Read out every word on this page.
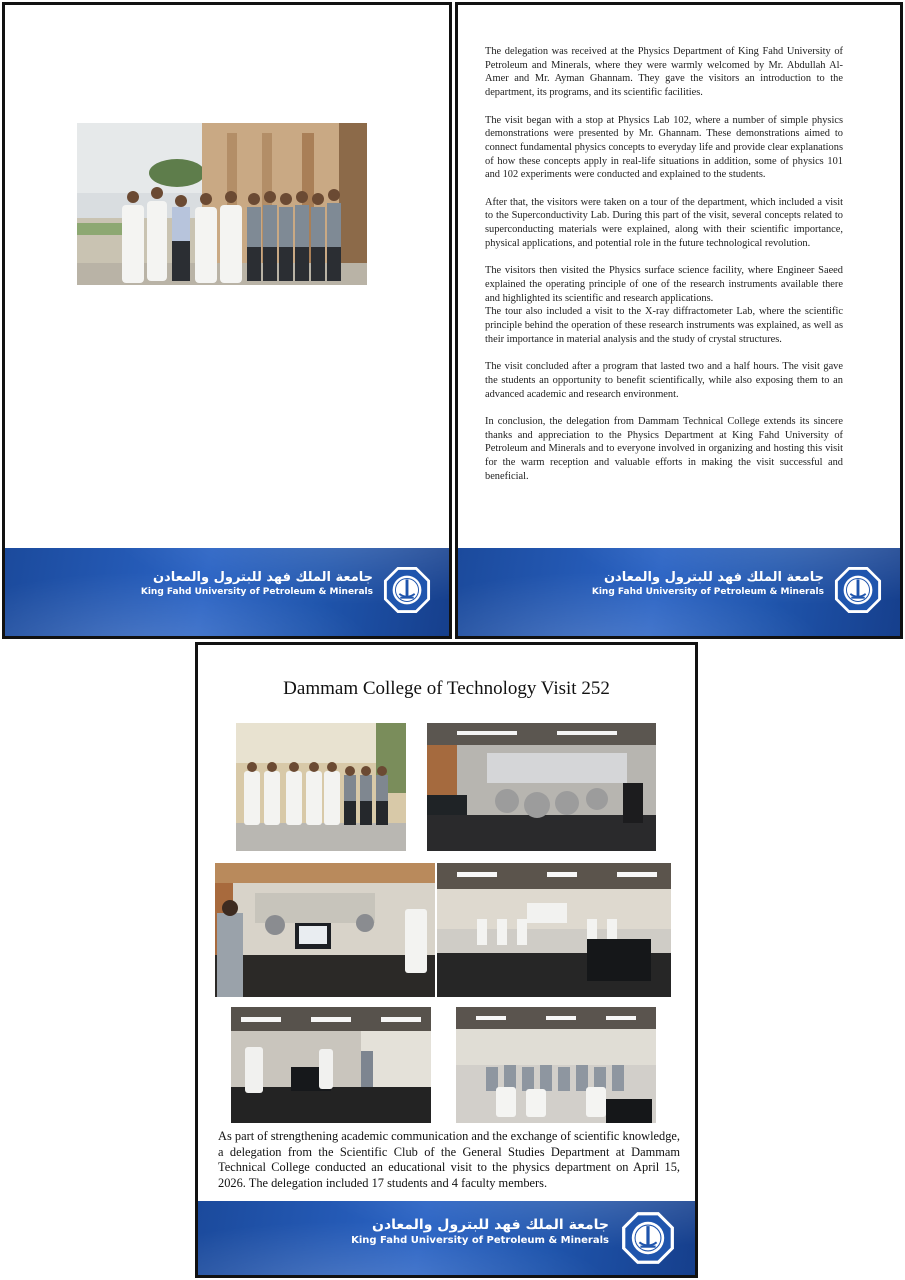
جامعة الملك فهد للبترول والمعادن
King Fahd University of Petroleum & Minerals

The delegation was received at the Physics Department of King Fahd University of Petroleum and Minerals, where they were warmly welcomed by Mr. Abdullah Al-Amer and Mr. Ayman Ghannam. They gave the visitors an introduction to the department, its programs, and its scientific facilities.

The visit began with a stop at Physics Lab 102, where a number of simple physics demonstrations were presented by Mr. Ghannam. These demonstrations aimed to connect fundamental physics concepts to everyday life and provide clear explanations of how these concepts apply in real-life situations in addition, some of physics 101 and 102 experiments were conducted and explained to the students.

After that, the visitors were taken on a tour of the department, which included a visit to the Superconductivity Lab. During this part of the visit, several concepts related to superconducting materials were explained, along with their scientific importance, physical applications, and potential role in the future technological revolution.

The visitors then visited the Physics surface science facility, where Engineer Saeed explained the operating principle of one of the research instruments available there and highlighted its scientific and research applications.

The tour also included a visit to the X-ray diffractometer Lab, where the scientific principle behind the operation of these research instruments was explained, as well as their importance in material analysis and the study of crystal structures.

The visit concluded after a program that lasted two and a half hours. The visit gave the students an opportunity to benefit scientifically, while also exposing them to an advanced academic and research environment.

In conclusion, the delegation from Dammam Technical College extends its sincere thanks and appreciation to the Physics Department at King Fahd University of Petroleum and Minerals and to everyone involved in organizing and hosting this visit for the warm reception and valuable efforts in making the visit successful and beneficial.

جامعة الملك فهد للبترول والمعادن
King Fahd University of Petroleum & Minerals
Dammam College of Technology Visit 252
As part of strengthening academic communication and the exchange of scientific knowledge, a delegation from the Scientific Club of the General Studies Department at Dammam Technical College conducted an educational visit to the physics department on April 15, 2026. The delegation included 17 students and 4 faculty members.
جامعة الملك فهد للبترول والمعادن
King Fahd University of Petroleum & Minerals
